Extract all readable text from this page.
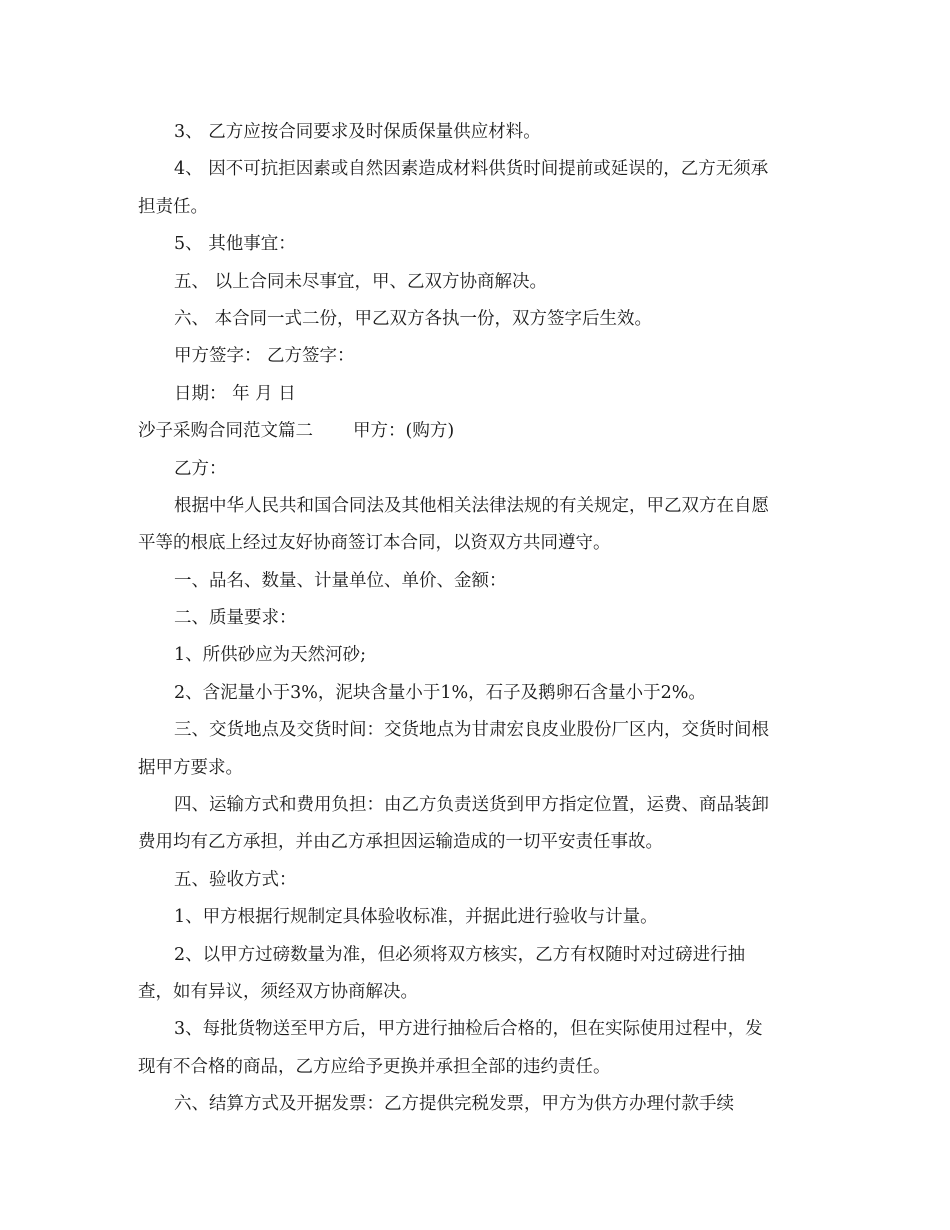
3、 乙方应按合同要求及时保质保量供应材料。
4、 因不可抗拒因素或自然因素造成材料供货时间提前或延误的，乙方无须承
担责任。
5、 其他事宜：
五、 以上合同未尽事宜，甲、乙双方协商解决。
六、 本合同一式二份，甲乙双方各执一份，双方签字后生效。
甲方签字： 乙方签字：
日期： 年 月 日
沙子采购合同范文篇二 甲方：(购方)
乙方：
根据中华人民共和国合同法及其他相关法律法规的有关规定，甲乙双方在自愿
平等的根底上经过友好协商签订本合同，以资双方共同遵守。
一、品名、数量、计量单位、单价、金额：
二、质量要求：
1、所供砂应为天然河砂;
2、含泥量小于3%，泥块含量小于1%，石子及鹅卵石含量小于2%。
三、交货地点及交货时间：交货地点为甘肃宏良皮业股份厂区内，交货时间根
据甲方要求。
四、运输方式和费用负担：由乙方负责送货到甲方指定位置，运费、商品装卸
费用均有乙方承担，并由乙方承担因运输造成的一切平安责任事故。
五、验收方式：
1、甲方根据行规制定具体验收标准，并据此进行验收与计量。
2、以甲方过磅数量为准，但必须将双方核实，乙方有权随时对过磅进行抽
查，如有异议，须经双方协商解决。
3、每批货物送至甲方后，甲方进行抽检后合格的，但在实际使用过程中，发
现有不合格的商品，乙方应给予更换并承担全部的违约责任。
六、结算方式及开据发票：乙方提供完税发票，甲方为供方办理付款手续
